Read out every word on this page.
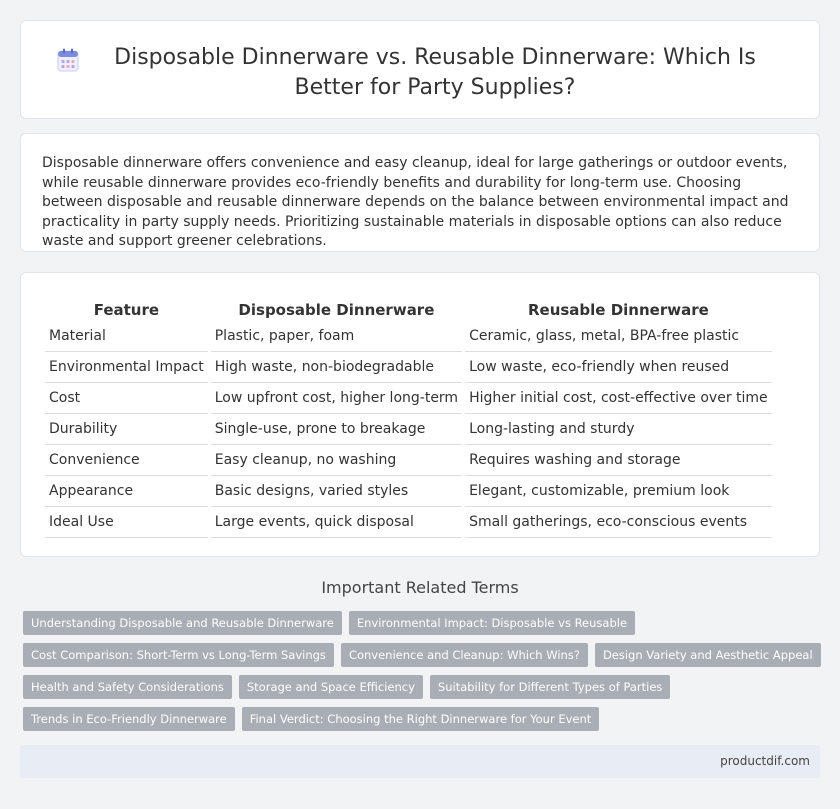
Disposable Dinnerware vs. Reusable Dinnerware: Which Is Better for Party Supplies?

Disposable dinnerware offers convenience and easy cleanup, ideal for large gatherings or outdoor events, while reusable dinnerware provides eco-friendly benefits and durability for long-term use. Choosing between disposable and reusable dinnerware depends on the balance between environmental impact and practicality in party supply needs. Prioritizing sustainable materials in disposable options can also reduce waste and support greener celebrations.

Feature	Disposable Dinnerware	Reusable Dinnerware
Material	Plastic, paper, foam	Ceramic, glass, metal, BPA-free plastic
Environmental Impact	High waste, non-biodegradable	Low waste, eco-friendly when reused
Cost	Low upfront cost, higher long-term	Higher initial cost, cost-effective over time
Durability	Single-use, prone to breakage	Long-lasting and sturdy
Convenience	Easy cleanup, no washing	Requires washing and storage
Appearance	Basic designs, varied styles	Elegant, customizable, premium look
Ideal Use	Large events, quick disposal	Small gatherings, eco-conscious events
Important Related Terms
Understanding Disposable and Reusable Dinnerware	Environmental Impact: Disposable vs Reusable
Cost Comparison: Short-Term vs Long-Term Savings	Convenience and Cleanup: Which Wins?	Design Variety and Aesthetic Appeal
Health and Safety Considerations	Storage and Space Efficiency	Suitability for Different Types of Parties
Trends in Eco-Friendly Dinnerware	Final Verdict: Choosing the Right Dinnerware for Your Event
productdif.com
